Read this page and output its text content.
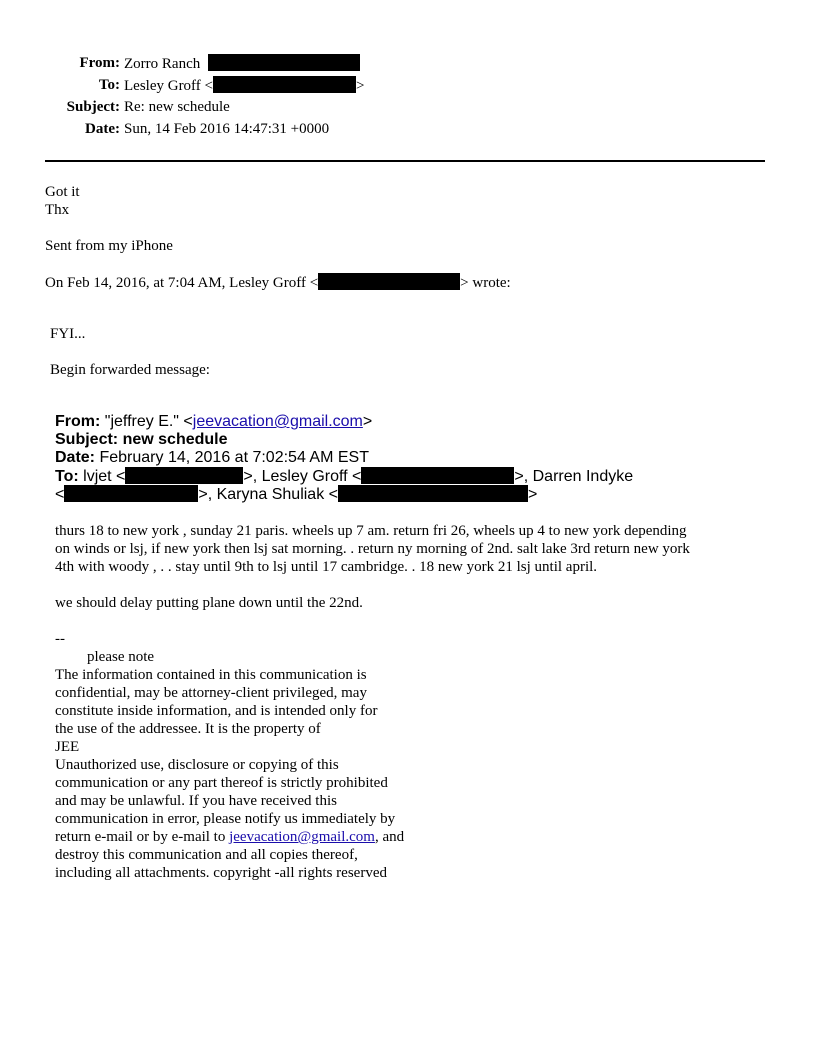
From: Zorro Ranch
To: Lesley Groff <	>
Subject: Re: new schedule
Date: Sun, 14 Feb 2016 14:47:31 +0000
Got it
Thx
Sent from my iPhone
On Feb 14, 2016, at 7:04 AM, Lesley Groff <	> wrote:
FYI...
Begin forwarded message:
From: "jeffrey E." <jeevacation@gmail.com>
Subject: new schedule
Date: February 14, 2016 at 7:02:54 AM EST
To: lvjet <	>, Lesley Groff <	>, Darren Indyke
<	>, Karyna Shuliak <	>
thurs 18 to new york , sunday 21 paris. wheels up 7 am. return fri 26, wheels up 4 to new york depending
on winds or lsj, if new york then lsj sat morning. . return ny morning of 2nd. salt lake 3rd return new york
4th with woody , . . stay until 9th to lsj until 17 cambridge. . 18 new york 21 lsj until april.
we should delay putting plane down until the 22nd.
--
please note
The information contained in this communication is
confidential, may be attorney-client privileged, may
constitute inside information, and is intended only for
the use of the addressee. It is the property of
JEE
Unauthorized use, disclosure or copying of this
communication or any part thereof is strictly prohibited
and may be unlawful. If you have received this
communication in error, please notify us immediately by
return e-mail or by e-mail to jeevacation@gmail.com, and
destroy this communication and all copies thereof,
including all attachments. copyright -all rights reserved
